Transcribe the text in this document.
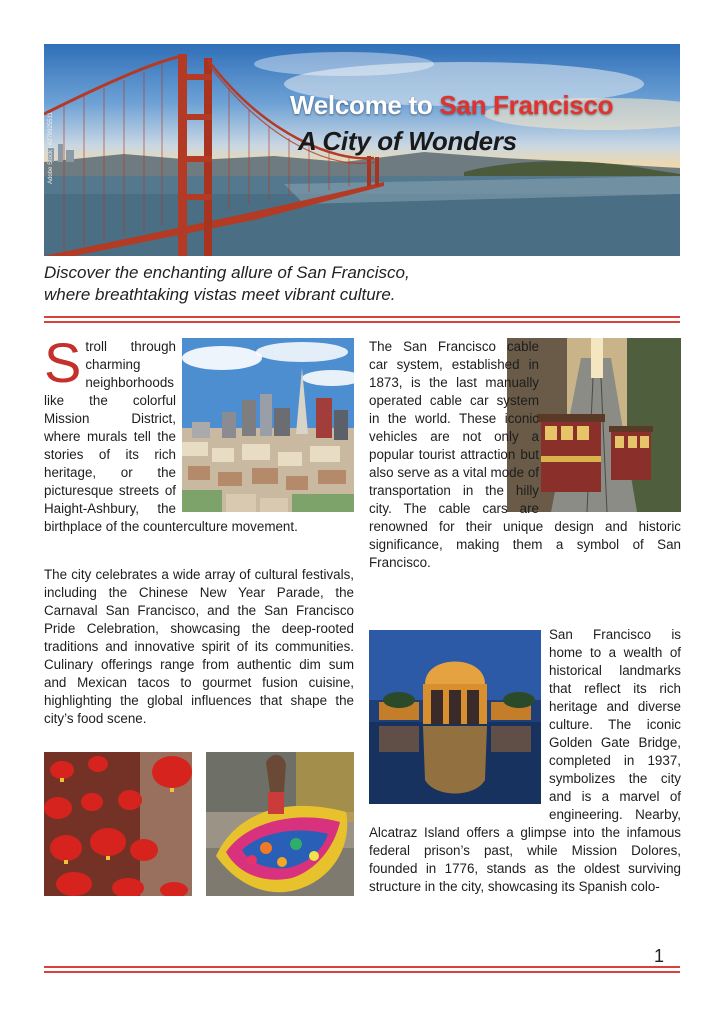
Adobe Stock | #279925511
Welcome to San Francisco
A City of Wonders
Discover the enchanting allure of San Francisco,
where breathtaking vistas meet vibrant culture.
S troll through charming neighborhoods like the colorful Mission District, where murals tell the stories of its rich heritage, or the picturesque streets of Haight-Ashbury, the birthplace of the counterculture movement.
The city celebrates a wide array of cultural festivals, including the Chinese New Year Parade, the Carnaval San Francisco, and the San Francisco Pride Celebration, showcasing the deep-rooted traditions and innovative spirit of its communities. Culinary offerings range from authentic dim sum and Mexican tacos to gourmet fusion cuisine, highlighting the global influences that shape the city’s food scene.
The San Francisco cable car system, established in 1873, is the last manually operated cable car system in the world. These iconic vehicles are not only a popular tourist attraction but also serve as a vital mode of transportation in the hilly city. The cable cars are renowned for their unique design and historic significance, making them a symbol of San Francisco.
San Francisco is home to a wealth of historical landmarks that reflect its rich heritage and diverse culture. The iconic Golden Gate Bridge, completed in 1937, symbolizes the city and is a marvel of engineering. Nearby, Alcatraz Island offers a glimpse into the infamous federal prison’s past, while Mission Dolores, founded in 1776, stands as the oldest surviving structure in the city, showcasing its Spanish colo-
1
